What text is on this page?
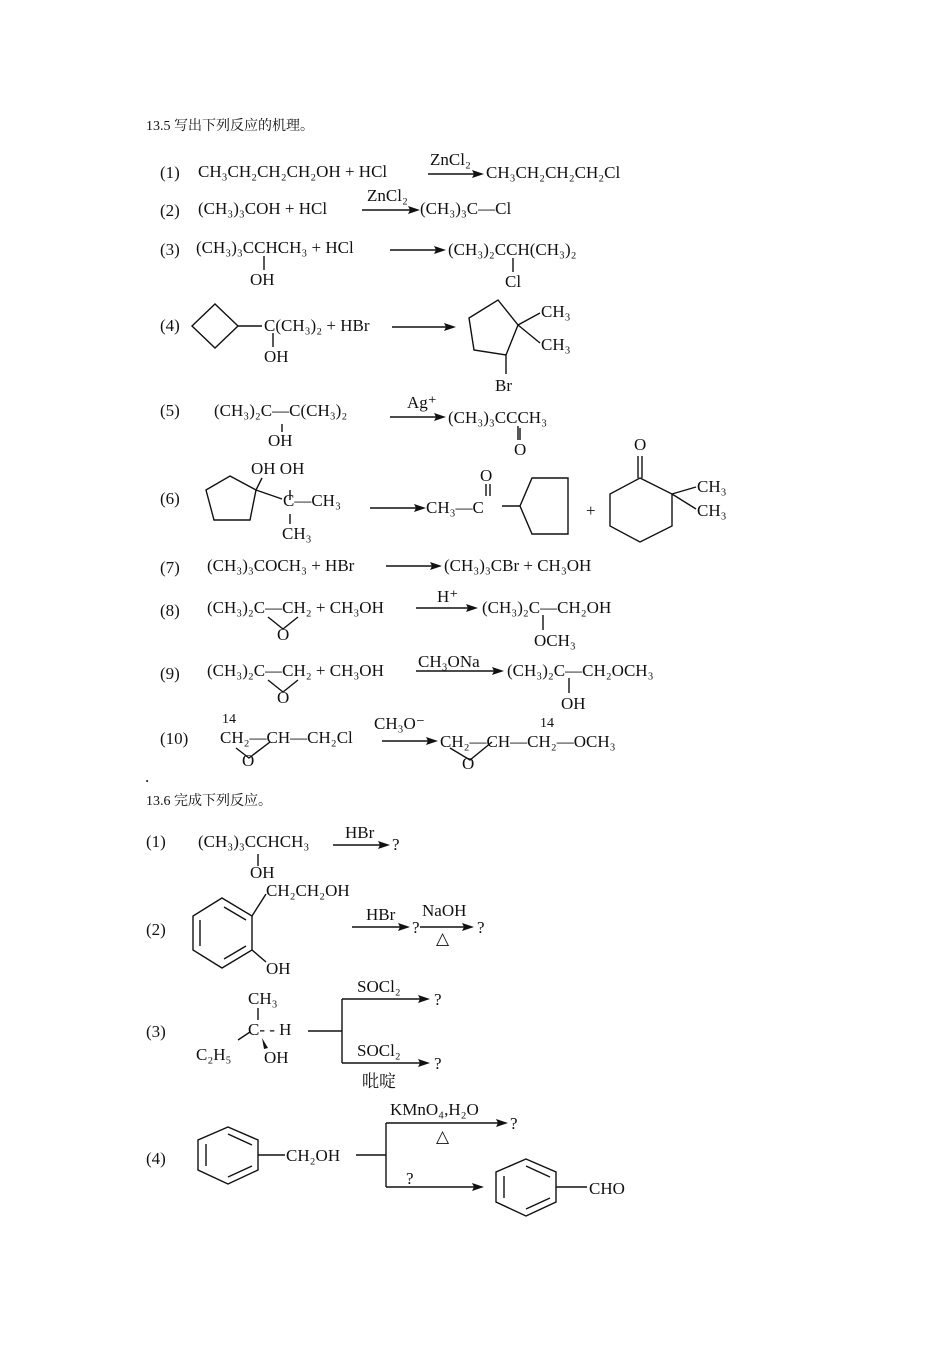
13.5 写出下列反应的机理。
(1) CH₃CH₂CH₂CH₂OH + HCl
ZnCl₂
CH₃CH₂CH₂CH₂Cl
(2) (CH₃)₃COH + HCl
ZnCl₂
(CH₃)₃C—Cl
(3) (CH₃)₃CCHCH₃ + HCl
OH
(CH₃)₂CCH(CH₃)₂
Cl
(4)	C(CH₃)₂ + HBr
OH
CH₃
CH₃
Br
(5) (CH₃)₂C—C(CH₃)₂
OH
Ag⁺
(CH₃)₃CCCH₃
O
(6)
OH OH
C—CH₃
CH₃
CH₃—C
O
+
O
CH₃
CH₃
(7) (CH₃)₃COCH₃ + HBr	(CH₃)₃CBr + CH₃OH
(8) (CH₃)₂C—CH₂ + CH₃OH
O
H⁺
(CH₃)₂C—CH₂OH
OCH₃
(9) (CH₃)₂C—CH₂ + CH₃OH
O
CH₃ONa (CH₃)₂C—CH₂OCH₃
OH
(10)
14
CH₂—CH—CH₂Cl
O
CH₃O⁻	14
CH₂—CH—CH₂—OCH₃
O
.
13.6 完成下列反应。
(1) (CH₃)₃CCHCH₃
OH
HBr
?
(2)
CH₂CH₂OH
OH
HBr
?
NaOH
△
?
(3)
CH₃
C- - H
C₂H₅ OH
SOCl₂
?
SOCl₂
?
吡啶
(4)	CH₂OH
KMnO₄,H₂O
△
?
?
CHO
